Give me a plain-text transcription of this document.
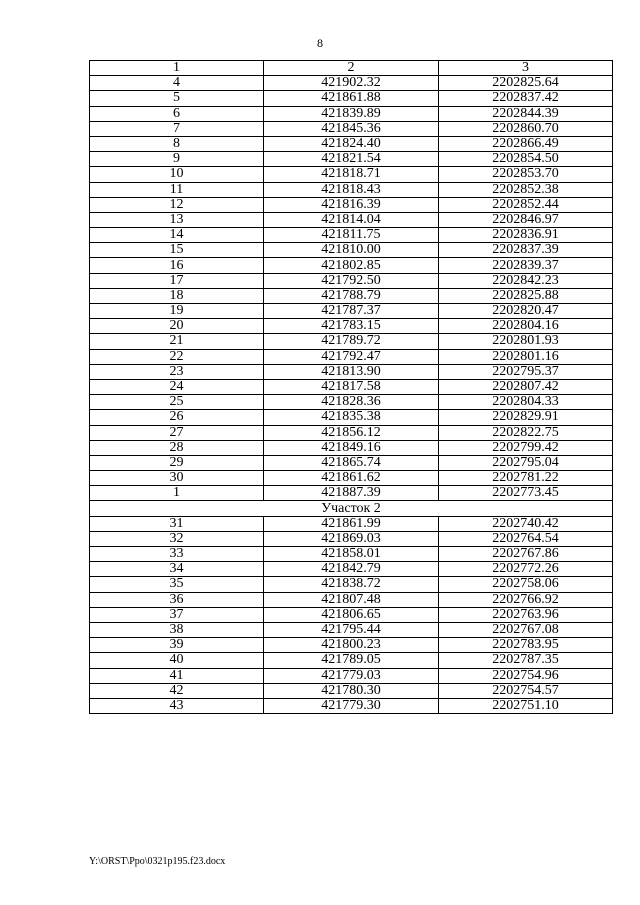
8
1	2	3
4	421902.32	2202825.64
5	421861.88	2202837.42
6	421839.89	2202844.39
7	421845.36	2202860.70
8	421824.40	2202866.49
9	421821.54	2202854.50
10	421818.71	2202853.70
11	421818.43	2202852.38
12	421816.39	2202852.44
13	421814.04	2202846.97
14	421811.75	2202836.91
15	421810.00	2202837.39
16	421802.85	2202839.37
17	421792.50	2202842.23
18	421788.79	2202825.88
19	421787.37	2202820.47
20	421783.15	2202804.16
21	421789.72	2202801.93
22	421792.47	2202801.16
23	421813.90	2202795.37
24	421817.58	2202807.42
25	421828.36	2202804.33
26	421835.38	2202829.91
27	421856.12	2202822.75
28	421849.16	2202799.42
29	421865.74	2202795.04
30	421861.62	2202781.22
1	421887.39	2202773.45
Участок 2		
31	421861.99	2202740.42
32	421869.03	2202764.54
33	421858.01	2202767.86
34	421842.79	2202772.26
35	421838.72	2202758.06
36	421807.48	2202766.92
37	421806.65	2202763.96
38	421795.44	2202767.08
39	421800.23	2202783.95
40	421789.05	2202787.35
41	421779.03	2202754.96
42	421780.30	2202754.57
43	421779.30	2202751.10
Y:\ORST\Ppo\0321p195.f23.docx
